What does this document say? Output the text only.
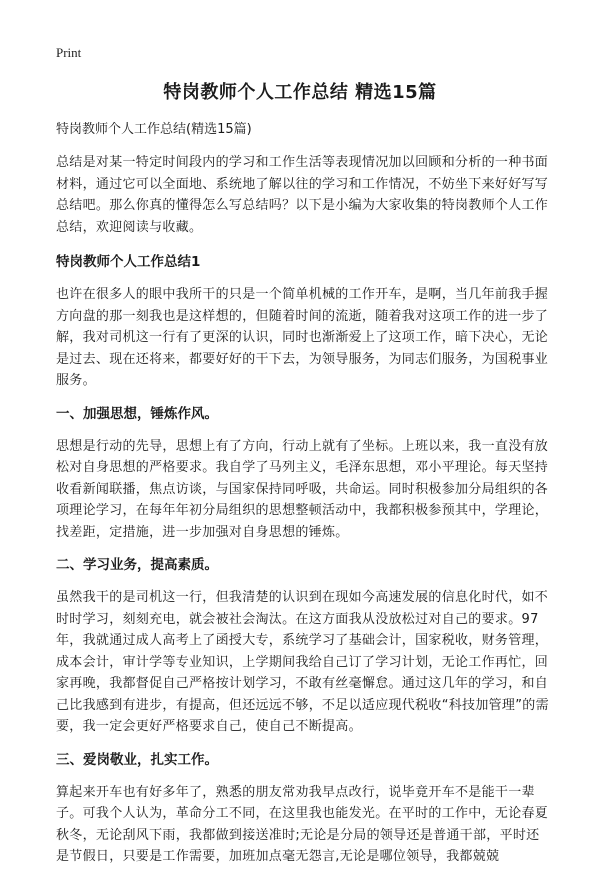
Print
特岗教师个人工作总结 精选15篇
特岗教师个人工作总结(精选15篇)

总结是对某一特定时间段内的学习和工作生活等表现情况加以回顾和分析的一种书面材料，通过它可以全面地、系统地了解以往的学习和工作情况，不妨坐下来好好写写总结吧。那么你真的懂得怎么写总结吗？以下是小编为大家收集的特岗教师个人工作总结，欢迎阅读与收藏。

特岗教师个人工作总结1

也许在很多人的眼中我所干的只是一个简单机械的工作开车，是啊，当几年前我手握方向盘的那一刻我也是这样想的，但随着时间的流逝，随着我对这项工作的进一步了解，我对司机这一行有了更深的认识，同时也渐渐爱上了这项工作，暗下决心，无论是过去、现在还将来，都要好好的干下去，为领导服务，为同志们服务，为国税事业服务。

一、加强思想，锤炼作风。

思想是行动的先导，思想上有了方向，行动上就有了坐标。上班以来，我一直没有放松对自身思想的严格要求。我自学了马列主义，毛泽东思想，邓小平理论。每天坚持收看新闻联播，焦点访谈，与国家保持同呼吸，共命运。同时积极参加分局组织的各项理论学习，在每年年初分局组织的思想整顿活动中，我都积极参预其中，学理论，找差距，定措施，进一步加强对自身思想的锤炼。

二、学习业务，提高素质。

虽然我干的是司机这一行，但我清楚的认识到在现如今高速发展的信息化时代，如不时时学习，刻刻充电，就会被社会淘汰。在这方面我从没放松过对自己的要求。97年，我就通过成人高考上了函授大专，系统学习了基础会计，国家税收，财务管理，成本会计，审计学等专业知识，上学期间我给自己订了学习计划，无论工作再忙，回家再晚，我都督促自己严格按计划学习，不敢有丝毫懈怠。通过这几年的学习，和自己比我感到有进步，有提高，但还远远不够，不足以适应现代税收“科技加管理”的需要，我一定会更好严格要求自己，使自己不断提高。

三、爱岗敬业，扎实工作。

算起来开车也有好多年了，熟悉的朋友常劝我早点改行，说毕竟开车不是能干一辈子。可我个人认为，革命分工不同，在这里我也能发光。在平时的工作中，无论春夏秋冬，无论刮风下雨，我都做到接送准时;无论是分局的领导还是普通干部，平时还是节假日，只要是工作需要，加班加点毫无怨言,无论是哪位领导，我都兢兢
